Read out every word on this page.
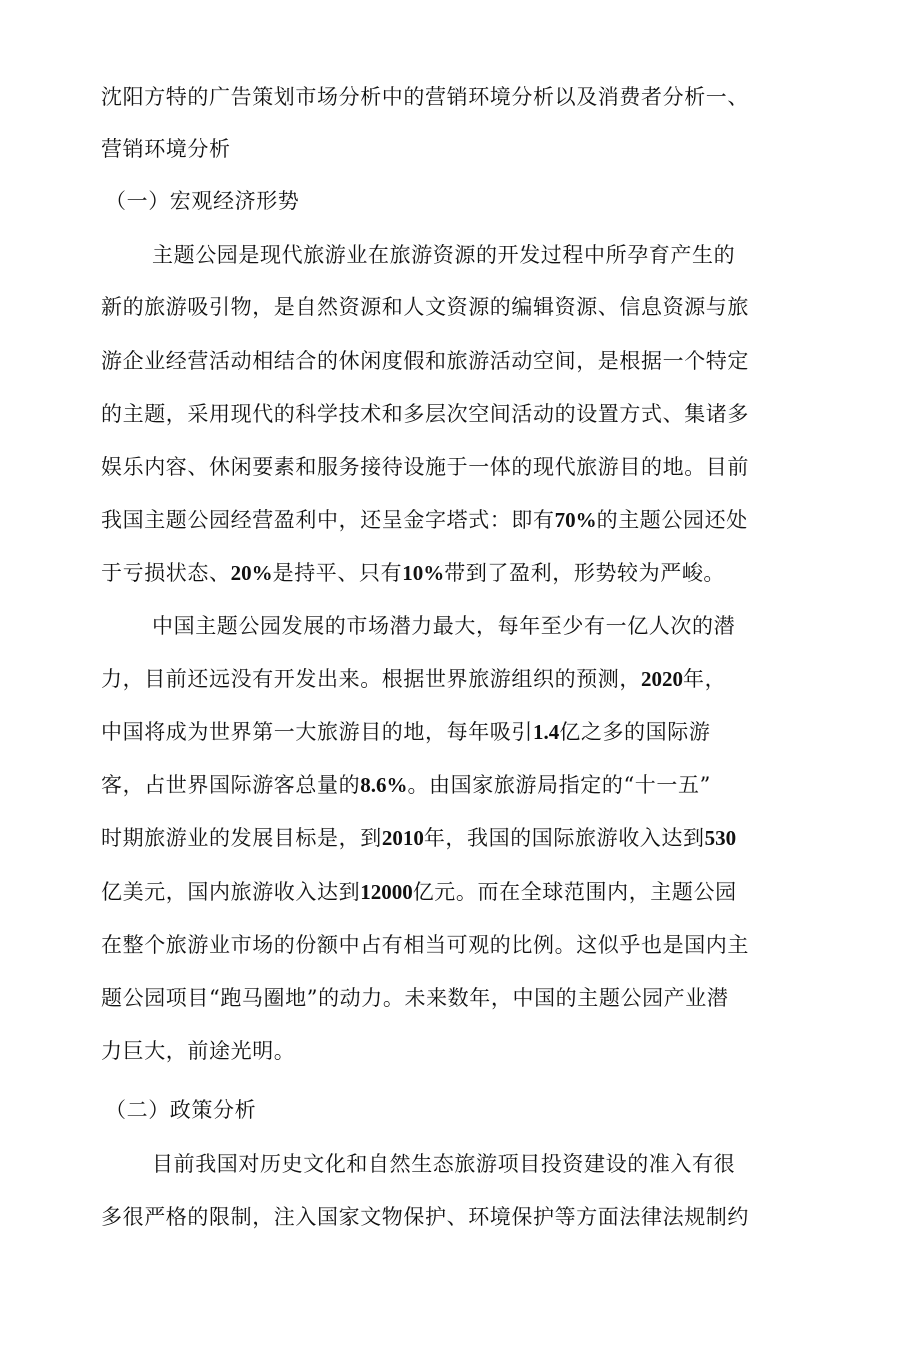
沈阳方特的广告策划市场分析中的营销环境分析以及消费者分析一、
营销环境分析
（一）宏观经济形势
主题公园是现代旅游业在旅游资源的开发过程中所孕育产生的
新的旅游吸引物，是自然资源和人文资源的编辑资源、信息资源与旅
游企业经营活动相结合的休闲度假和旅游活动空间，是根据一个特定
的主题，采用现代的科学技术和多层次空间活动的设置方式、集诸多
娱乐内容、休闲要素和服务接待设施于一体的现代旅游目的地。目前
我国主题公园经营盈利中，还呈金字塔式：即有70%的主题公园还处
于亏损状态、20%是持平、只有10%带到了盈利，形势较为严峻。
中国主题公园发展的市场潜力最大，每年至少有一亿人次的潜
力，目前还远没有开发出来。根据世界旅游组织的预测，2020年，
中国将成为世界第一大旅游目的地，每年吸引1.4亿之多的国际游
客，占世界国际游客总量的8.6%。由国家旅游局指定的“十一五”
时期旅游业的发展目标是，到2010年，我国的国际旅游收入达到530
亿美元，国内旅游收入达到12000亿元。而在全球范围内，主题公园
在整个旅游业市场的份额中占有相当可观的比例。这似乎也是国内主
题公园项目“跑马圈地”的动力。未来数年，中国的主题公园产业潜
力巨大，前途光明。
（二）政策分析
目前我国对历史文化和自然生态旅游项目投资建设的准入有很
多很严格的限制，注入国家文物保护、环境保护等方面法律法规制约
